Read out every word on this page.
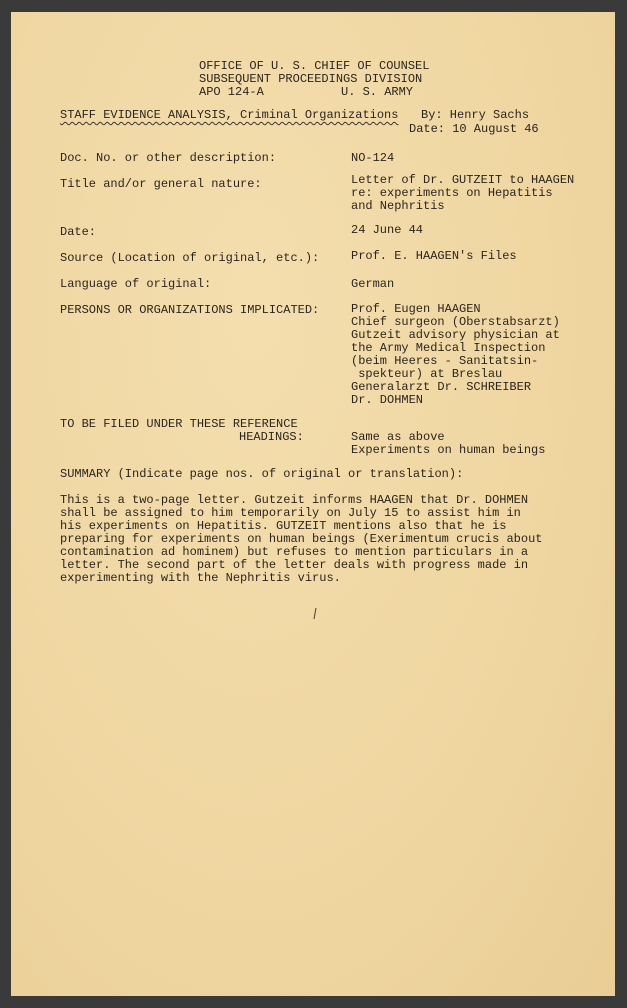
OFFICE OF U. S. CHIEF OF COUNSEL
SUBSEQUENT PROCEEDINGS DIVISION
APO 124-A	U. S. ARMY
STAFF EVIDENCE ANALYSIS, Criminal Organizations By: Henry Sachs
Date: 10 August 46
Doc. No. or other description:	NO-124
Title and/or general nature:	Letter of Dr. GUTZEIT to HAAGEN
re: experiments on Hepatitis
and Nephritis
Date:	24 June 44
Source (Location of original, etc.):	Prof. E. HAAGEN's Files
Language of original:	German
PERSONS OR ORGANIZATIONS IMPLICATED:	Prof. Eugen HAAGEN
Chief surgeon (Oberstabsarzt)
Gutzeit advisory physician at
the Army Medical Inspection
(beim Heeres - Sanitatsin-
spekteur) at Breslau
Generalarzt Dr. SCHREIBER
Dr. DOHMEN
TO BE FILED UNDER THESE REFERENCE
HEADINGS:	Same as above
Experiments on human beings
SUMMARY (Indicate page nos. of original or translation):
This is a two-page letter. Gutzeit informs HAAGEN that Dr. DOHMEN
shall be assigned to him temporarily on July 15 to assist him in
his experiments on Hepatitis. GUTZEIT mentions also that he is
preparing for experiments on human beings (Exerimentum crucis about
contamination ad hominem) but refuses to mention particulars in a
letter. The second part of the letter deals with progress made in
experimenting with the Nephritis virus.
